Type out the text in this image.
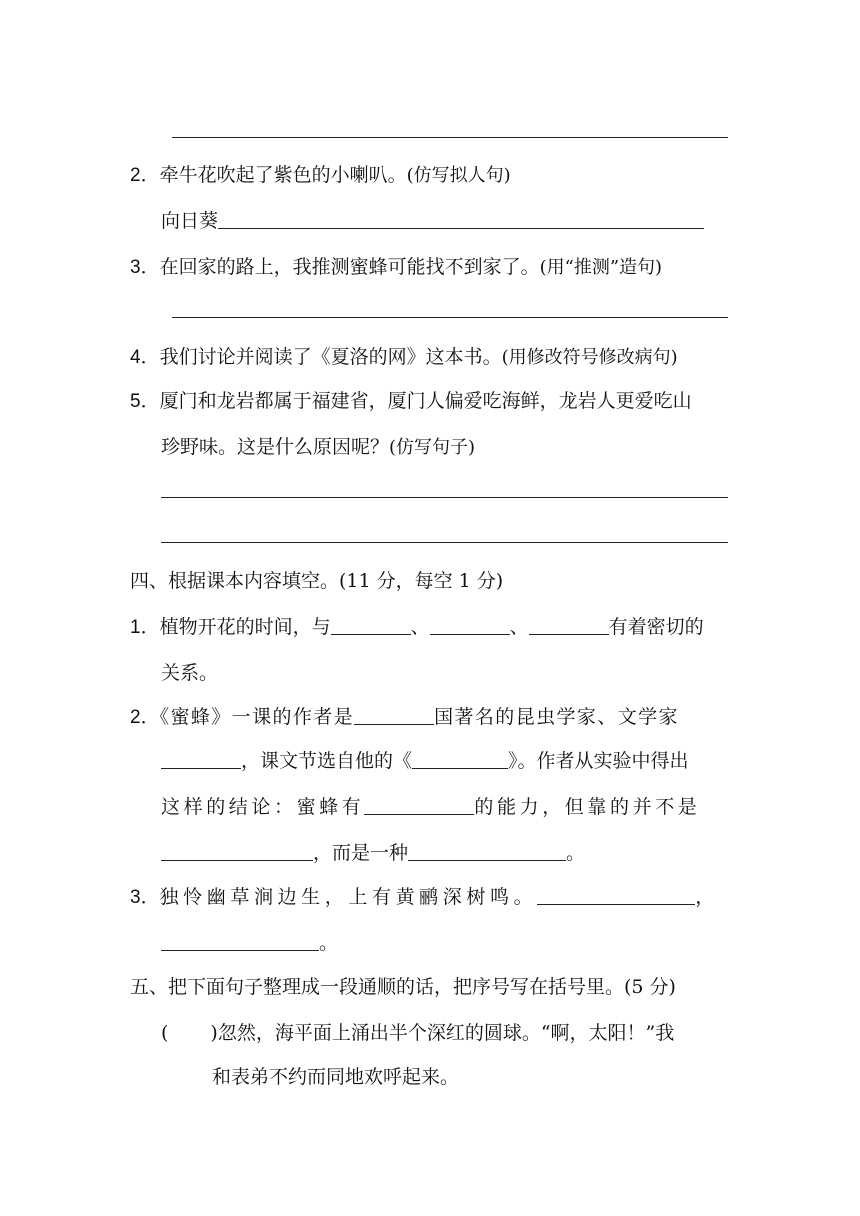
2．牵牛花吹起了紫色的小喇叭。(仿写拟人句)
向日葵
3．在回家的路上，我推测蜜蜂可能找不到家了。(用“推测”造句)
4．我们讨论并阅读了《夏洛的网》这本书。(用修改符号修改病句)
5．厦门和龙岩都属于福建省，厦门人偏爱吃海鲜，龙岩人更爱吃山
珍野味。这是什么原因呢？(仿写句子)
四、根据课本内容填空。(11 分，每空 1 分)
1．植物开花的时间，与	、	、	有着密切的
关系。
2．《蜜蜂》一课的作者是	国著名的昆虫学家、文学家
，课文节选自他的《	》。作者从实验中得出
这样的结论：蜜蜂有	的能力，但靠的并不是
，而是一种	。
3．独怜幽草涧边生，上有黄鹂深树鸣。	，
。
五、把下面句子整理成一段通顺的话，把序号写在括号里。(5 分)
( )忽然，海平面上涌出半个深红的圆球。“啊，太阳！”我
和表弟不约而同地欢呼起来。
